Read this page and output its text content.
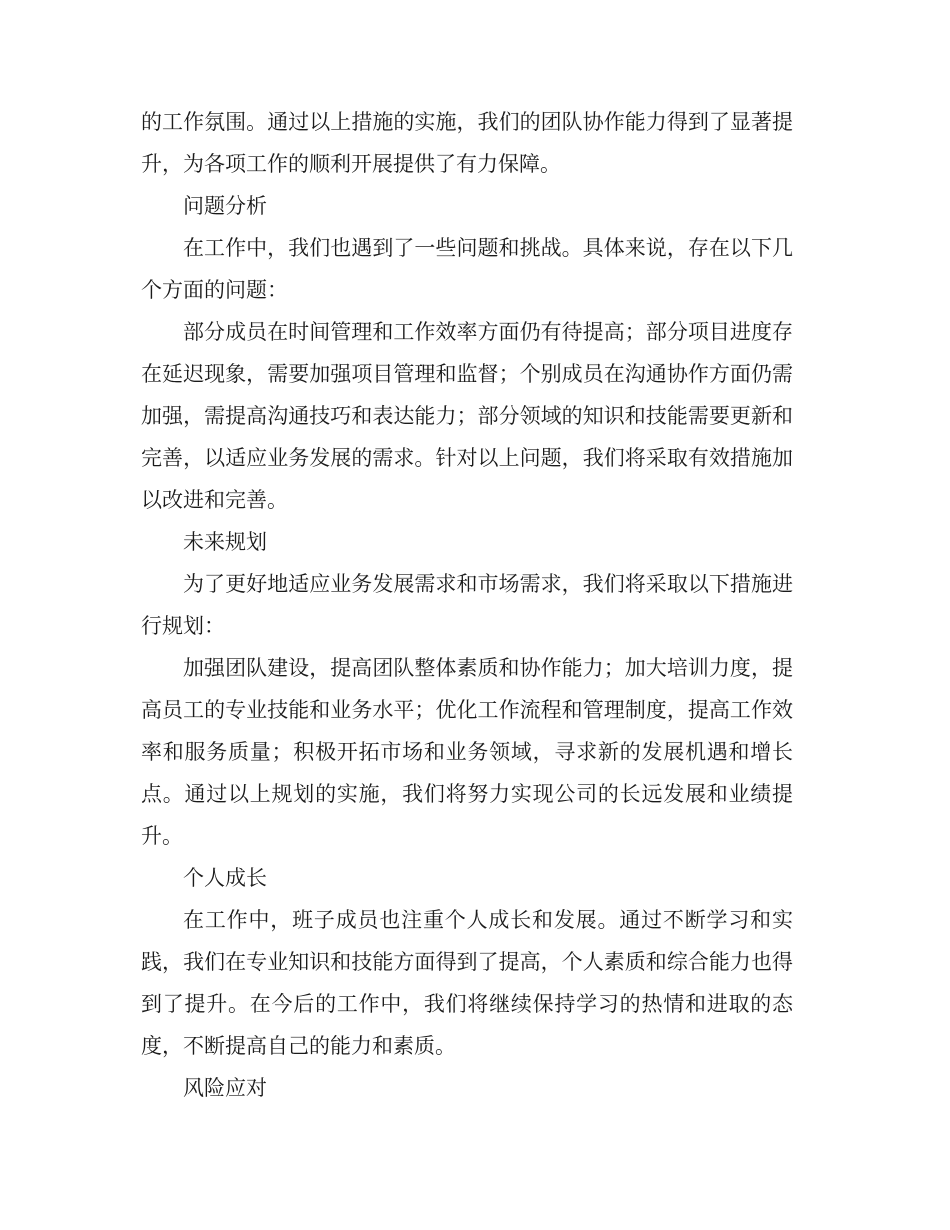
的工作氛围。通过以上措施的实施，我们的团队协作能力得到了显著提升，为各项工作的顺利开展提供了有力保障。

问题分析

在工作中，我们也遇到了一些问题和挑战。具体来说，存在以下几个方面的问题：

部分成员在时间管理和工作效率方面仍有待提高；部分项目进度存在延迟现象，需要加强项目管理和监督；个别成员在沟通协作方面仍需加强，需提高沟通技巧和表达能力；部分领域的知识和技能需要更新和完善，以适应业务发展的需求。针对以上问题，我们将采取有效措施加以改进和完善。

未来规划

为了更好地适应业务发展需求和市场需求，我们将采取以下措施进行规划：

加强团队建设，提高团队整体素质和协作能力；加大培训力度，提高员工的专业技能和业务水平；优化工作流程和管理制度，提高工作效率和服务质量；积极开拓市场和业务领域，寻求新的发展机遇和增长点。通过以上规划的实施，我们将努力实现公司的长远发展和业绩提升。

个人成长

在工作中，班子成员也注重个人成长和发展。通过不断学习和实践，我们在专业知识和技能方面得到了提高，个人素质和综合能力也得到了提升。在今后的工作中，我们将继续保持学习的热情和进取的态度，不断提高自己的能力和素质。

风险应对
